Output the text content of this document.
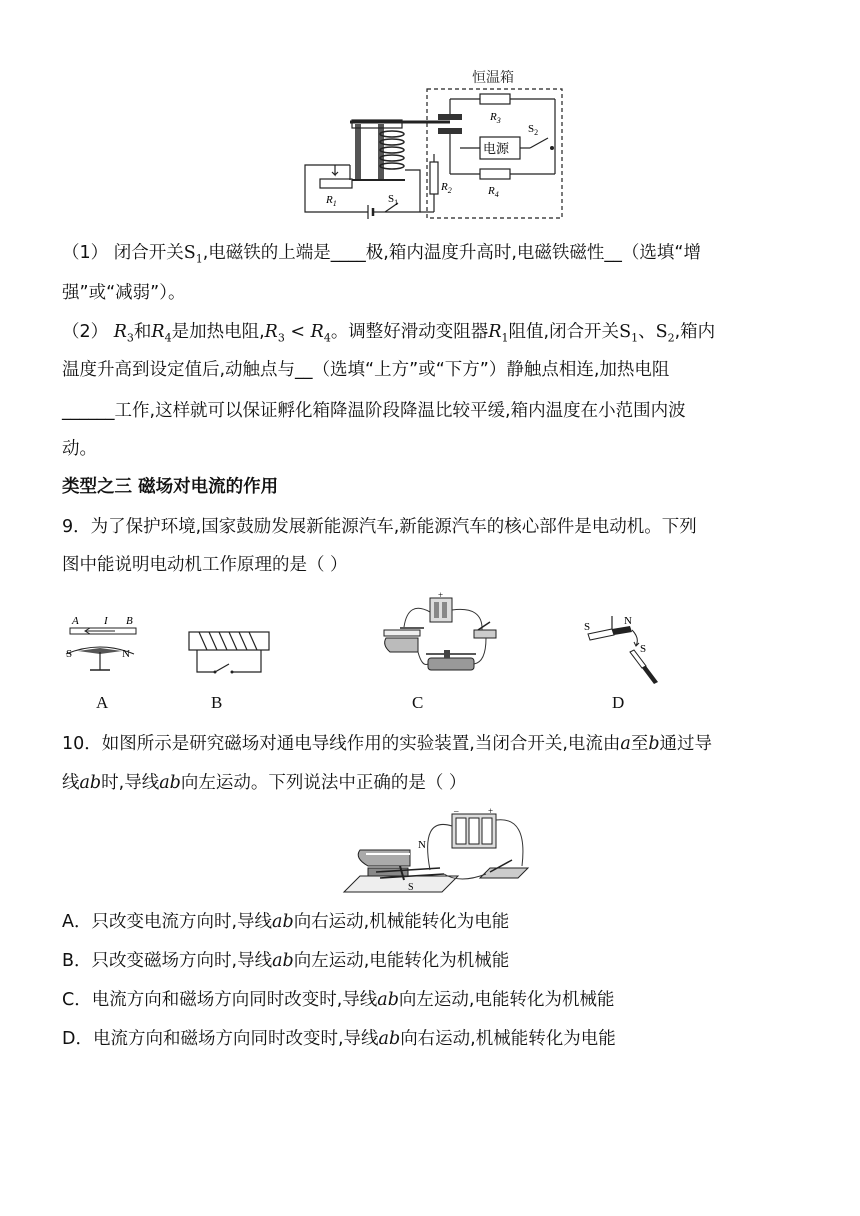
恒温箱
$R_3$
电源
$S_2$
$R_4$
$R_2$
$S_1$
$R_1$
（1） 闭合开关$S_1$,电磁铁的上端是____极,箱内温度升高时,电磁铁磁性__（选填“增
强”或“减弱”）。
（2） $R_3$和$R_4$是加热电阻$,R_3 < R_4$。调整好滑动变阻器$R_1$阻值,闭合开关$S_1$、$S_2$,箱内
温度升高到设定值后,动触点与__（选填“上方”或“下方”）静触点相连,加热电阻
______工作,这样就可以保证孵化箱降温阶段降温比较平缓,箱内温度在小范围内波
动。
类型之三 磁场对电流的作用
9．为了保护环境,国家鼓励发展新能源汽车,新能源汽车的核心部件是电动机。下列
图中能说明电动机工作原理的是（ ）
A I B
S	N
A	B
+
C
S	N
S
D
10．如图所示是研究磁场对通电导线作用的实验装置,当闭合开关,电流由a至b通过导
线ab时,导线ab向左运动。下列说法中正确的是（ ）
N
S
–	+
A．只改变电流方向时,导线ab向右运动,机械能转化为电能
B．只改变磁场方向时,导线ab向左运动,电能转化为机械能
C．电流方向和磁场方向同时改变时,导线ab向左运动,电能转化为机械能
D．电流方向和磁场方向同时改变时,导线ab向右运动,机械能转化为电能
